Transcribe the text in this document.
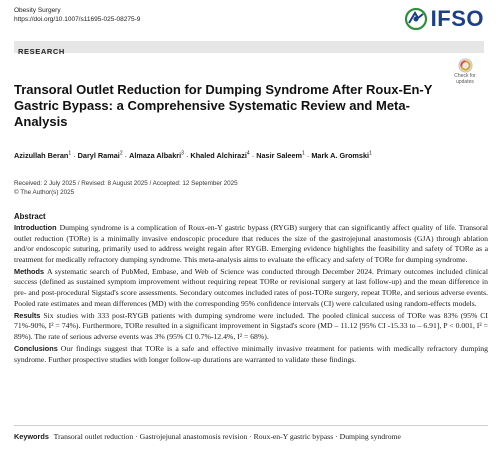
Obesity Surgery
https://doi.org/10.1007/s11695-025-08275-9	IFSO
RESEARCH
Check for updates
Transoral Outlet Reduction for Dumping Syndrome After Roux-En-Y Gastric Bypass: a Comprehensive Systematic Review and Meta-Analysis
Azizullah Beran$^1$ · Daryl Ramai$^2$ · Almaza Albakri$^3$ · Khaled Alchirazi$^4$ · Nasir Saleem$^1$ · Mark A. Gromski$^1$
Received: 2 July 2025 / Revised: 8 August 2025 / Accepted: 12 September 2025
© The Author(s) 2025
Abstract

Introduction Dumping syndrome is a complication of Roux-en-Y gastric bypass (RYGB) surgery that can significantly affect quality of life. Transoral outlet reduction (TORe) is a minimally invasive endoscopic procedure that reduces the size of the gastrojejunal anastomosis (GJA) through ablation and/or endoscopic suturing, primarily used to address weight regain after RYGB. Emerging evidence highlights the feasibility and safety of TORe as a treatment for medically refractory dumping syndrome. This meta-analysis aims to evaluate the efficacy and safety of TORe for dumping syndrome.

Methods A systematic search of PubMed, Embase, and Web of Science was conducted through December 2024. Primary outcomes included clinical success (defined as sustained symptom improvement without requiring repeat TORe or revisional surgery at last follow-up) and the mean difference in pre- and post-procedural Sigstad's score assessments. Secondary outcomes included rates of post-TORe surgery, repeat TORe, and serious adverse events. Pooled rate estimates and mean differences (MD) with the corresponding 95% confidence intervals (CI) were calculated using random-effects models.

Results Six studies with 333 post-RYGB patients with dumping syndrome were included. The pooled clinical success of TORe was 83% (95% CI 71%-90%, I² = 74%). Furthermore, TORe resulted in a significant improvement in Sigstad's score (MD – 11.12 [95% CI -15.33 to – 6.91], P < 0.001, I² = 89%). The rate of serious adverse events was 3% (95% CI 0.7%-12.4%, I² = 68%).

Conclusions Our findings suggest that TORe is a safe and effective minimally invasive treatment for patients with medically refractory dumping syndrome. Further prospective studies with longer follow-up durations are warranted to validate these findings.

Keywords Transoral outlet reduction · Gastrojejunal anastomosis revision · Roux-en-Y gastric bypass · Dumping syndrome
